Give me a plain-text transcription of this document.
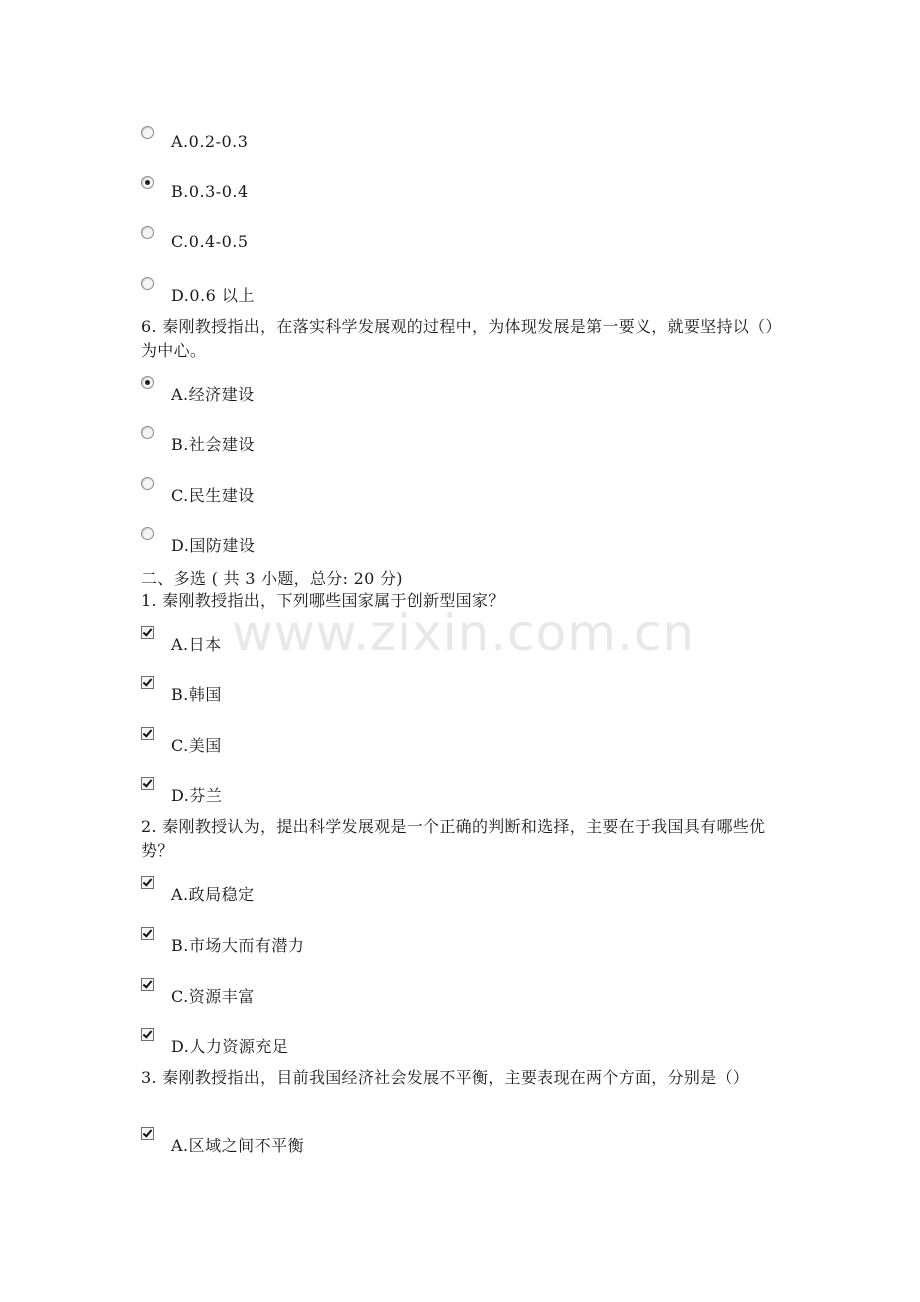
A.0.2-0.3
B.0.3-0.4
C.0.4-0.5
D.0.6 以上
6. 秦刚教授指出，在落实科学发展观的过程中，为体现发展是第一要义，就要坚持以（）为中心。
A.经济建设
B.社会建设
C.民生建设
D.国防建设
二、多选 ( 共 3 小题，总分: 20 分)
1. 秦刚教授指出，下列哪些国家属于创新型国家？
A.日本
B.韩国
C.美国
D.芬兰
2. 秦刚教授认为，提出科学发展观是一个正确的判断和选择，主要在于我国具有哪些优势？
A.政局稳定
B.市场大而有潜力
C.资源丰富
D.人力资源充足
3. 秦刚教授指出，目前我国经济社会发展不平衡，主要表现在两个方面，分别是（）
A.区域之间不平衡
www.zixin.com.cn
